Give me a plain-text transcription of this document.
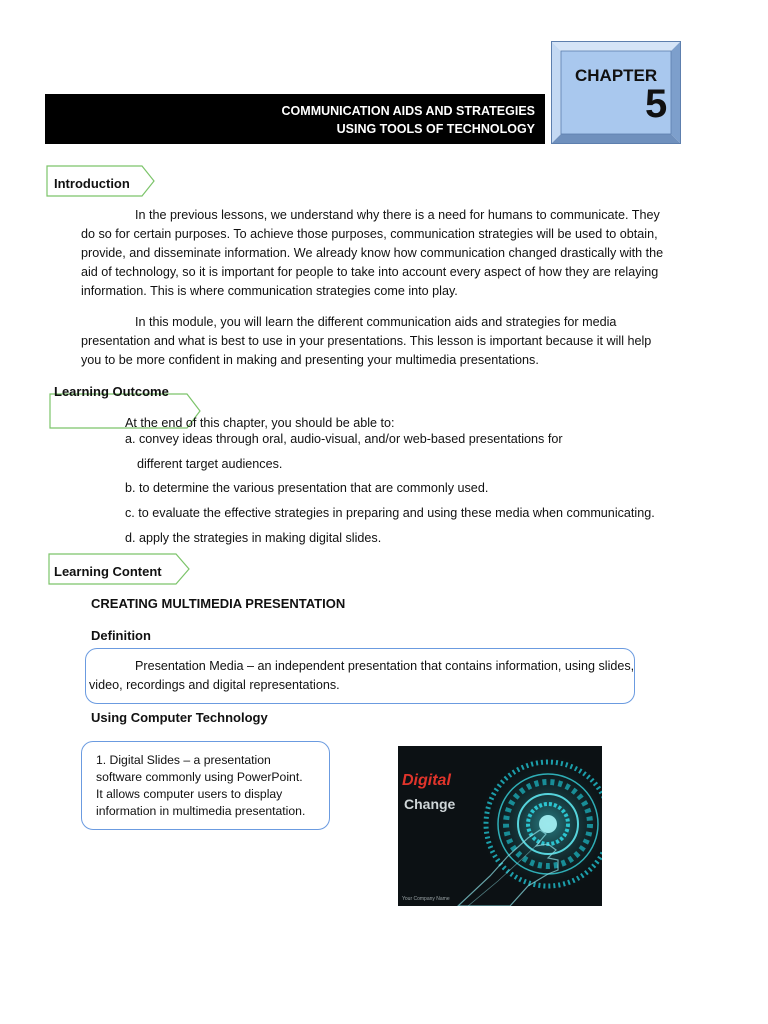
COMMUNICATION AIDS AND STRATEGIES
USING TOOLS OF TECHNOLOGY
CHAPTER
5
Introduction
In the previous lessons, we understand why there is a need for humans to communicate. They
do so for certain purposes. To achieve those purposes, communication strategies will be used to obtain,
provide, and disseminate information. We already know how communication changed drastically with the
aid of technology, so it is important for people to take into account every aspect of how they are relaying
information. This is where communication strategies come into play.
In this module, you will learn the different communication aids and strategies for media
presentation and what is best to use in your presentations. This lesson is important because it will help
you to be more confident in making and presenting your multimedia presentations.
Learning Outcome
At the end of this chapter, you should be able to:
a. convey ideas through oral, audio-visual, and/or web-based presentations for
different target audiences.
b. to determine the various presentation that are commonly used.
c. to evaluate the effective strategies in preparing and using these media when communicating.
d. apply the strategies in making digital slides.
Learning Content
CREATING MULTIMEDIA PRESENTATION
Definition
Presentation Media – an independent presentation that contains information, using slides,
video, recordings and digital representations.
Using Computer Technology
1. Digital Slides – a presentation
software commonly using PowerPoint.
It allows computer users to display
information in multimedia presentation.
Digital
Change
Your Company Name
